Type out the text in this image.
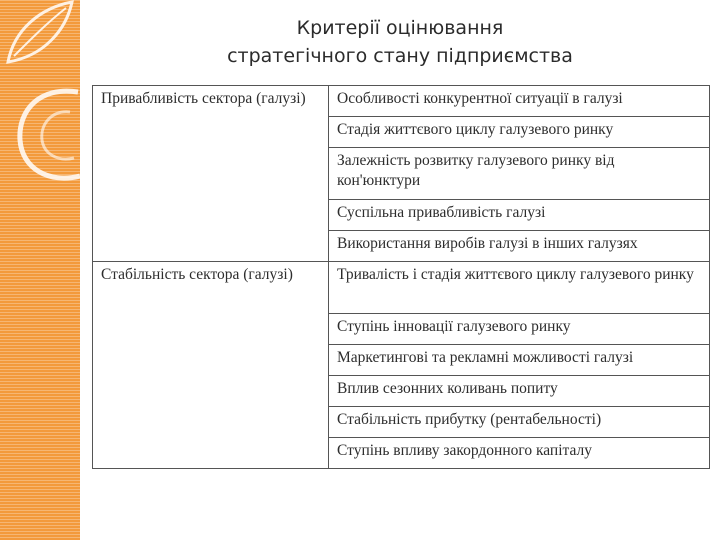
Критерії оцінювання
стратегічного стану підприємства
Привабливість сектора (галузі)	Особливості конкурентної ситуації в галузі
	Стадія життєвого циклу галузевого ринку
	Залежність розвитку галузевого ринку від кон'юнктури
	Суспільна привабливість галузі
	Використання виробів галузі в інших галузях
Стабільність сектора (галузі)	Тривалість і стадія життєвого циклу галузевого ринку
	Ступінь інновації галузевого ринку
	Маркетингові та рекламні можливості галузі
	Вплив сезонних коливань попиту
	Стабільність прибутку (рентабельності)
	Ступінь впливу закордонного капіталу
